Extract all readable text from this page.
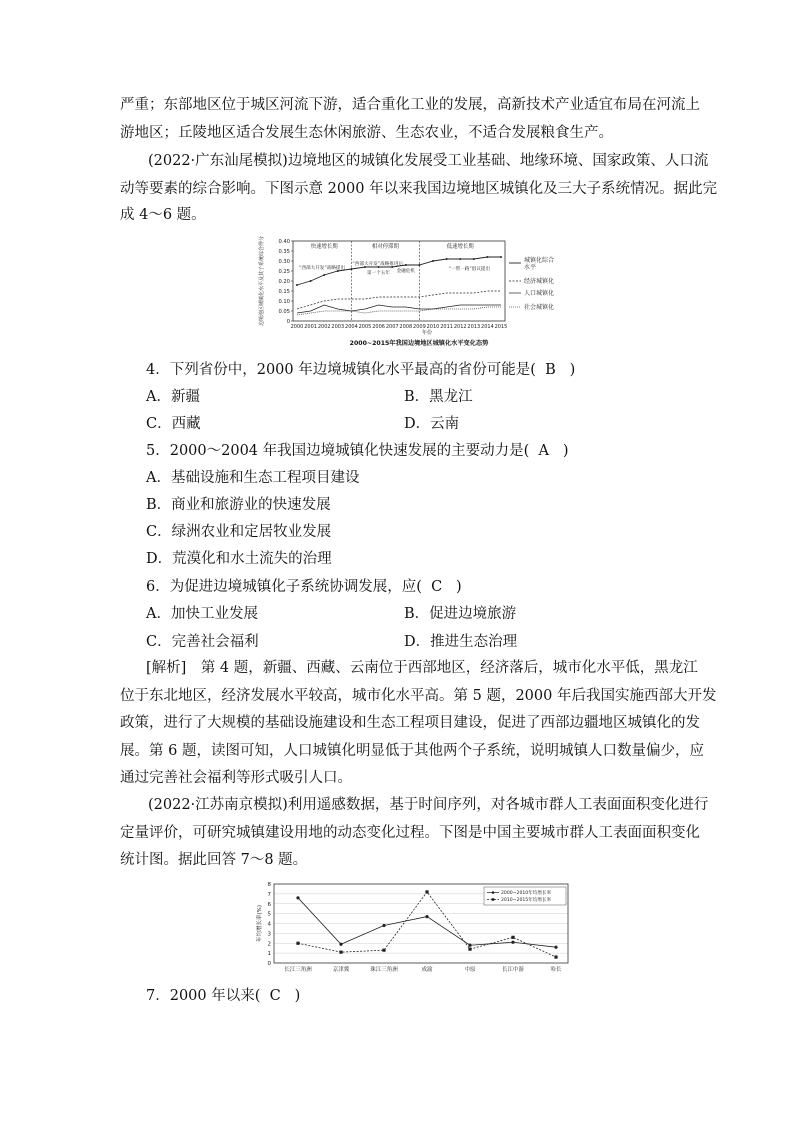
严重；东部地区位于城区河流下游，适合重化工业的发展，高新技术产业适宜布局在河流上
游地区；丘陵地区适合发展生态休闲旅游、生态农业，不适合发展粮食生产。
(2022·广东汕尾模拟)边境地区的城镇化发展受工业基础、地缘环境、国家政策、人口流
动等要素的综合影响。下图示意 2000 年以来我国边境地区城镇化及三大子系统情况。据此完
成 4～6 题。
0
0.05
0.10
0.15
0.20
0.25
0.30
0.35
0.40
2000 2001 2002 2003 2004 2005 2006 2007 2008 2009 2010 2011 2012 2013 2014 2015
年份
边境地区城镇化水平及其子系统综合得分	快速增长期	相对停滞期	低速增长期
“西部大开发”战略提出
“西部大开发”战略推进后
第一个五年 金融危机	“一带一路”倡议提出
城镇化综合
水平
经济城镇化
人口城镇化
社会城镇化
2000~2015年我国边境地区城镇化水平变化态势
4．下列省份中，2000 年边境城镇化水平最高的省份可能是( B )
A．新疆	B．黑龙江
C．西藏	D．云南
5．2000～2004 年我国边境城镇化快速发展的主要动力是( A )
A．基础设施和生态工程项目建设
B．商业和旅游业的快速发展
C．绿洲农业和定居牧业发展
D．荒漠化和水土流失的治理
6．为促进边境城镇化子系统协调发展，应( C )
A．加快工业发展	B．促进边境旅游
C．完善社会福利	D．推进生态治理
[解析]　第 4 题，新疆、西藏、云南位于西部地区，经济落后，城市化水平低，黑龙江
位于东北地区，经济发展水平较高，城市化水平高。第 5 题，2000 年后我国实施西部大开发
政策，进行了大规模的基础设施建设和生态工程项目建设，促进了西部边疆地区城镇化的发
展。第 6 题，读图可知，人口城镇化明显低于其他两个子系统，说明城镇人口数量偏少，应
通过完善社会福利等形式吸引人口。
(2022·江苏南京模拟)利用遥感数据，基于时间序列，对各城市群人工表面面积变化进行
定量评价，可研究城镇建设用地的动态变化过程。下图是中国主要城市群人工表面面积变化
统计图。据此回答 7～8 题。
0
1
2
3
4
5
6
7
8
长江三角洲	京津冀	珠江三角洲	成渝	中原	长江中游	哈长
年均增长率(%)
2000~2010年均增长率
2010~2015年均增长率
7．2000 年以来( C )
